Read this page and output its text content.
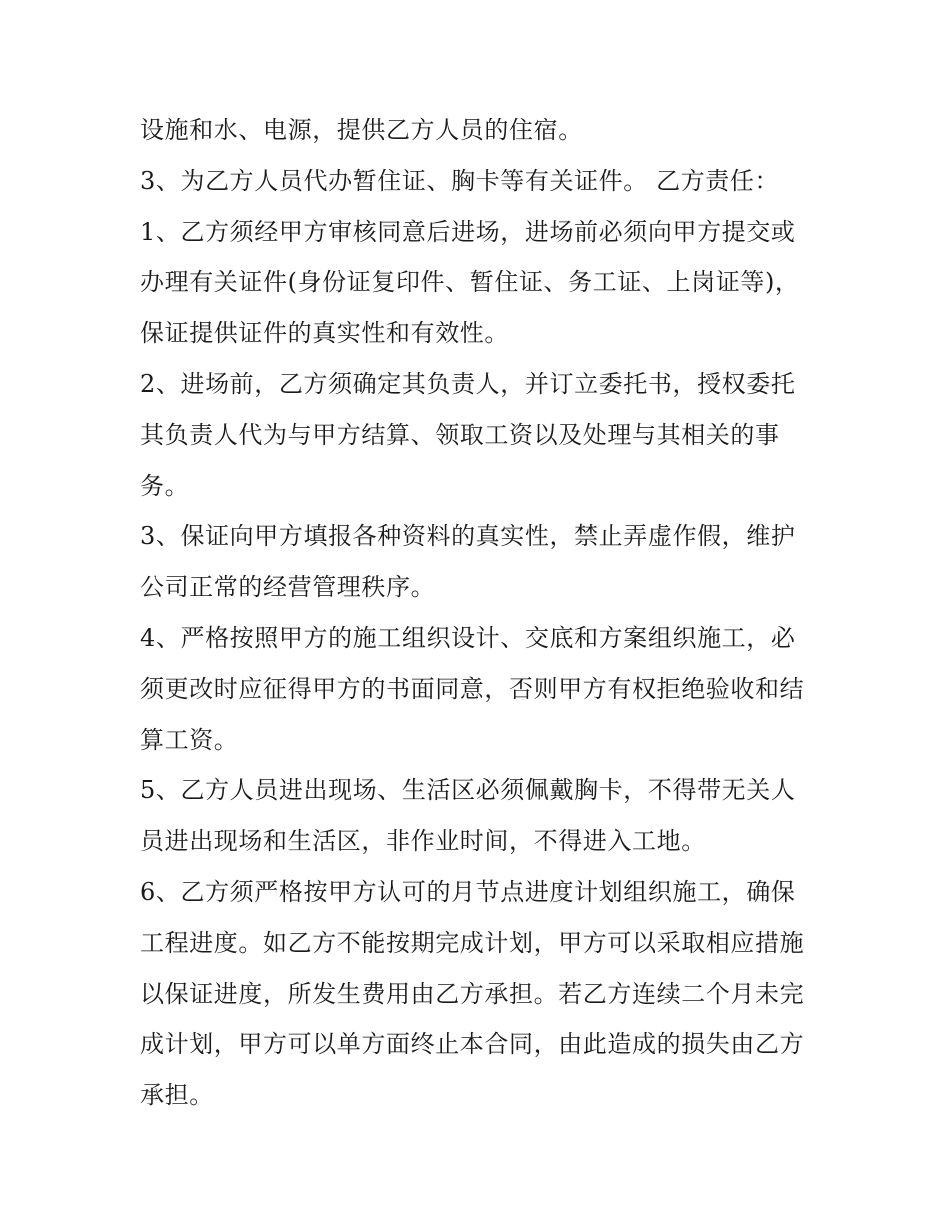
设施和水、电源，提供乙方人员的住宿。
3、为乙方人员代办暂住证、胸卡等有关证件。 乙方责任：
1、乙方须经甲方审核同意后进场，进场前必须向甲方提交或
办理有关证件(身份证复印件、暂住证、务工证、上岗证等)，
保证提供证件的真实性和有效性。
2、进场前，乙方须确定其负责人，并订立委托书，授权委托
其负责人代为与甲方结算、领取工资以及处理与其相关的事
务。
3、保证向甲方填报各种资料的真实性，禁止弄虚作假，维护
公司正常的经营管理秩序。
4、严格按照甲方的施工组织设计、交底和方案组织施工，必
须更改时应征得甲方的书面同意，否则甲方有权拒绝验收和结
算工资。
5、乙方人员进出现场、生活区必须佩戴胸卡，不得带无关人
员进出现场和生活区，非作业时间，不得进入工地。
6、乙方须严格按甲方认可的月节点进度计划组织施工，确保
工程进度。如乙方不能按期完成计划，甲方可以采取相应措施
以保证进度，所发生费用由乙方承担。若乙方连续二个月未完
成计划，甲方可以单方面终止本合同，由此造成的损失由乙方
承担。
